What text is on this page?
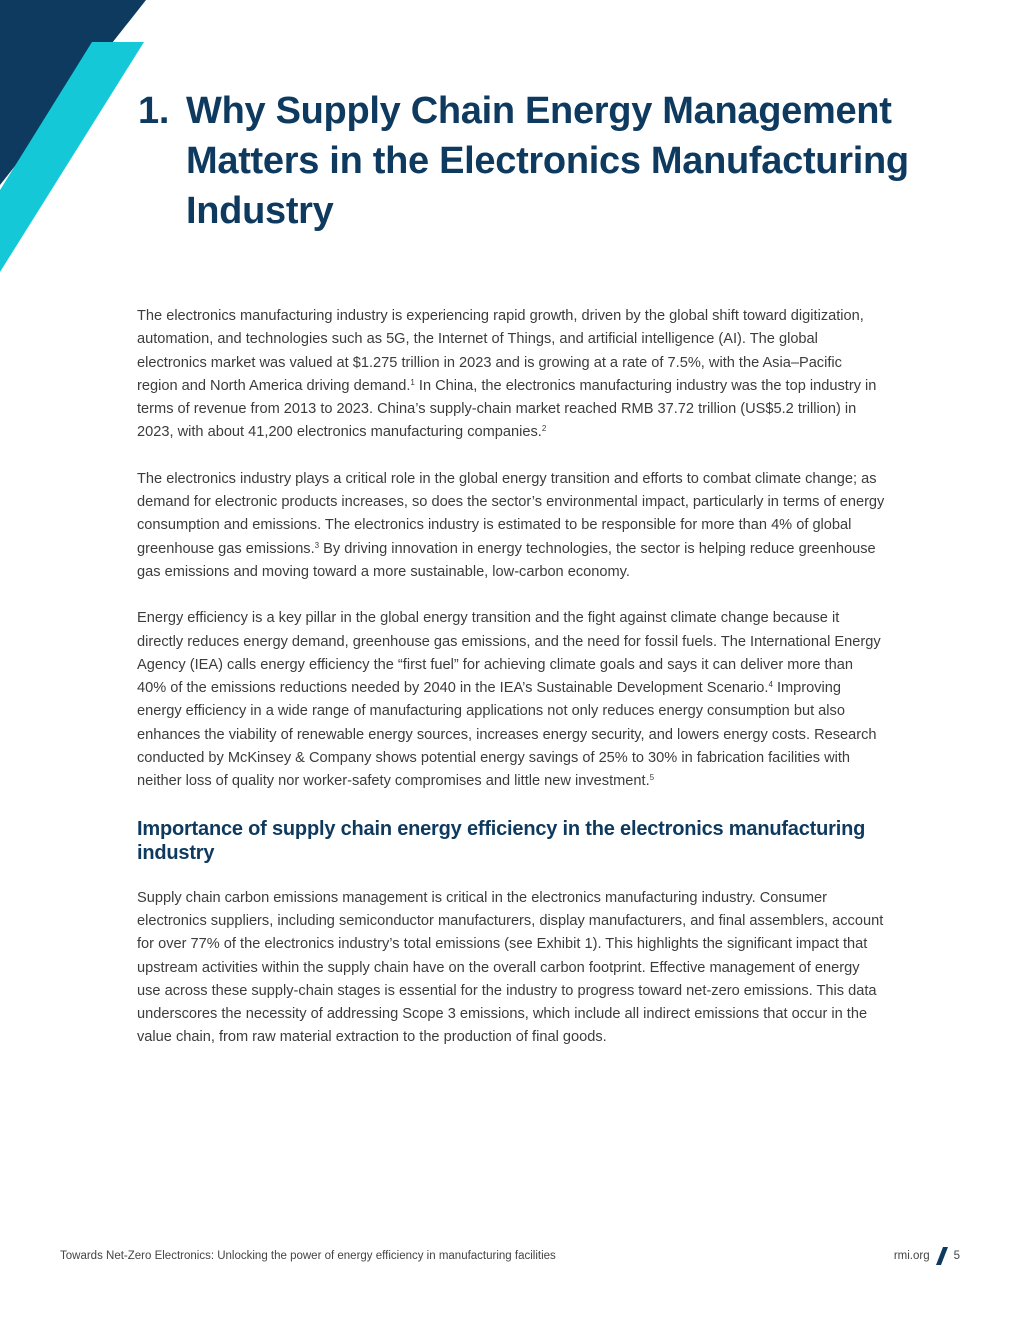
1. Why Supply Chain Energy Management Matters in the Electronics Manufacturing Industry

The electronics manufacturing industry is experiencing rapid growth, driven by the global shift toward digitization, automation, and technologies such as 5G, the Internet of Things, and artificial intelligence (AI). The global electronics market was valued at $1.275 trillion in 2023 and is growing at a rate of 7.5%, with the Asia–Pacific region and North America driving demand.$^1$ In China, the electronics manufacturing industry was the top industry in terms of revenue from 2013 to 2023. China’s supply-chain market reached RMB 37.72 trillion (US$5.2 trillion) in 2023, with about 41,200 electronics manufacturing companies.$^2$

The electronics industry plays a critical role in the global energy transition and efforts to combat climate change; as demand for electronic products increases, so does the sector’s environmental impact, particularly in terms of energy consumption and emissions. The electronics industry is estimated to be responsible for more than 4% of global greenhouse gas emissions.$^3$ By driving innovation in energy technologies, the sector is helping reduce greenhouse gas emissions and moving toward a more sustainable, low-carbon economy.

Energy efficiency is a key pillar in the global energy transition and the fight against climate change because it directly reduces energy demand, greenhouse gas emissions, and the need for fossil fuels. The International Energy Agency (IEA) calls energy efficiency the “first fuel” for achieving climate goals and says it can deliver more than 40% of the emissions reductions needed by 2040 in the IEA’s Sustainable Development Scenario.$^4$ Improving energy efficiency in a wide range of manufacturing applications not only reduces energy consumption but also enhances the viability of renewable energy sources, increases energy security, and lowers energy costs. Research conducted by McKinsey & Company shows potential energy savings of 25% to 30% in fabrication facilities with neither loss of quality nor worker-safety compromises and little new investment.$^5$

Importance of supply chain energy efficiency in the electronics manufacturing industry

Supply chain carbon emissions management is critical in the electronics manufacturing industry. Consumer electronics suppliers, including semiconductor manufacturers, display manufacturers, and final assemblers, account for over 77% of the electronics industry’s total emissions (see Exhibit 1). This highlights the significant impact that upstream activities within the supply chain have on the overall carbon footprint. Effective management of energy use across these supply-chain stages is essential for the industry to progress toward net-zero emissions. This data underscores the necessity of addressing Scope 3 emissions, which include all indirect emissions that occur in the value chain, from raw material extraction to the production of final goods.

Towards Net-Zero Electronics: Unlocking the power of energy efficiency in manufacturing facilities	rmi.org 5
